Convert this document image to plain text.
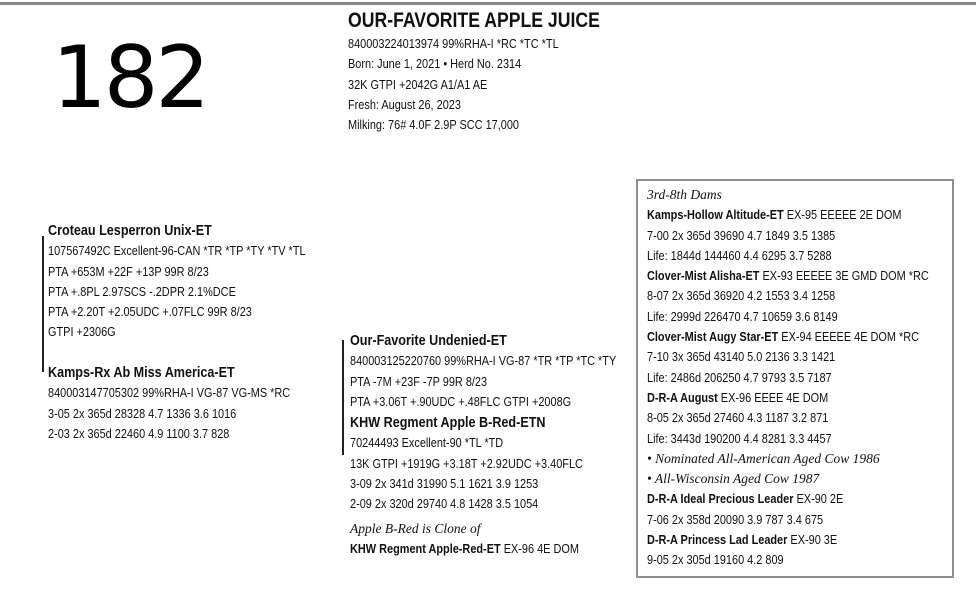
182
OUR-FAVORITE APPLE JUICE
840003224013974 99%RHA-I *RC *TC *TL
Born: June 1, 2021 • Herd No. 2314
32K GTPI +2042G A1/A1 AE
Fresh: August 26, 2023
Milking: 76# 4.0F 2.9P SCC 17,000
Croteau Lesperron Unix-ET
107567492C Excellent-96-CAN *TR *TP *TY *TV *TL
PTA +653M +22F +13P 99R 8/23
PTA +.8PL 2.97SCS -.2DPR 2.1%DCE
PTA +2.20T +2.05UDC +.07FLC 99R 8/23
GTPI +2306G
Kamps-Rx Ab Miss America-ET
840003147705302 99%RHA-I VG-87 VG-MS *RC
3-05 2x 365d 28328 4.7 1336 3.6 1016
2-03 2x 365d 22460 4.9 1100 3.7 828
Our-Favorite Undenied-ET
840003125220760 99%RHA-I VG-87 *TR *TP *TC *TY
PTA -7M +23F -7P 99R 8/23
PTA +3.06T +.90UDC +.48FLC GTPI +2008G
KHW Regment Apple B-Red-ETN
70244493 Excellent-90 *TL *TD
13K GTPI +1919G +3.18T +2.92UDC +3.40FLC
3-09 2x 341d 31990 5.1 1621 3.9 1253
2-09 2x 320d 29740 4.8 1428 3.5 1054
Apple B-Red is Clone of
KHW Regment Apple-Red-ET EX-96 4E DOM
3rd-8th Dams
Kamps-Hollow Altitude-ET EX-95 EEEEE 2E DOM
7-00 2x 365d 39690 4.7 1849 3.5 1385
Life: 1844d 144460 4.4 6295 3.7 5288
Clover-Mist Alisha-ET EX-93 EEEEE 3E GMD DOM *RC
8-07 2x 365d 36920 4.2 1553 3.4 1258
Life: 2999d 226470 4.7 10659 3.6 8149
Clover-Mist Augy Star-ET EX-94 EEEEE 4E DOM *RC
7-10 3x 365d 43140 5.0 2136 3.3 1421
Life: 2486d 206250 4.7 9793 3.5 7187
D-R-A August EX-96 EEEE 4E DOM
8-05 2x 365d 27460 4.3 1187 3.2 871
Life: 3443d 190200 4.4 8281 3.3 4457
• Nominated All-American Aged Cow 1986
• All-Wisconsin Aged Cow 1987
D-R-A Ideal Precious Leader EX-90 2E
7-06 2x 358d 20090 3.9 787 3.4 675
D-R-A Princess Lad Leader EX-90 3E
9-05 2x 305d 19160 4.2 809
